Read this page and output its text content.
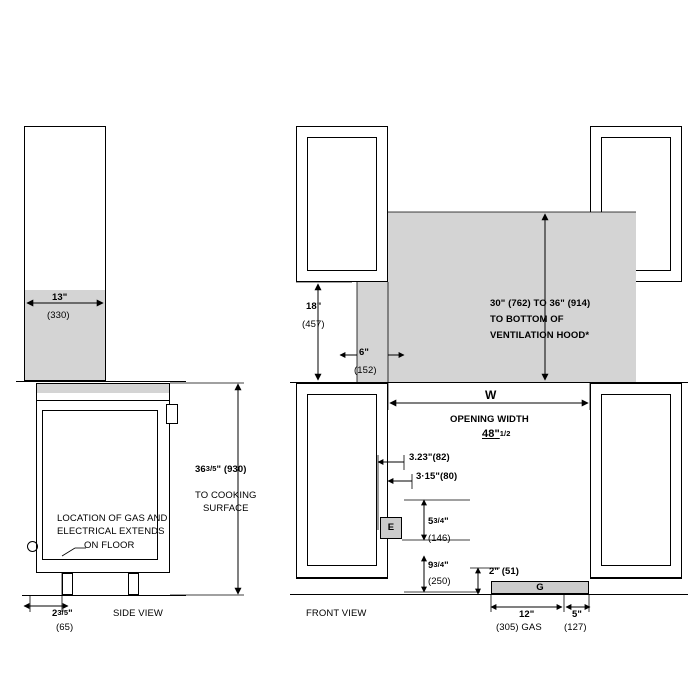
13"
(330)
363/5" (930)
TO COOKING
SURFACE
LOCATION OF GAS AND
ELECTRICAL EXTENDS
ON FLOOR
23/5"
(65)
SIDE VIEW
18"
(457)
6"
(152)
30" (762) TO 36" (914)
TO BOTTOM OF
VENTILATION HOOD*
W
OPENING WIDTH
48"1/2
3.23"(82)
3·15"(80)
E
53/4"
(146)
93/4"
(250)
2" (51)
G
12"
(305) GAS
5"
(127)
FRONT VIEW
